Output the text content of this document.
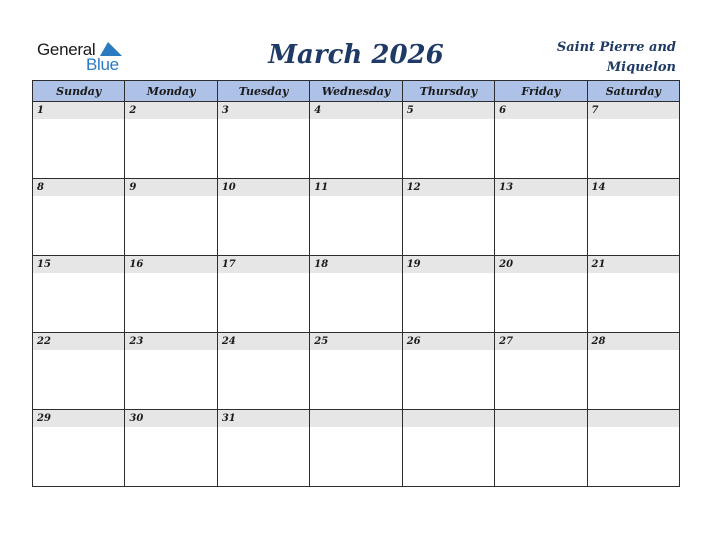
General
Blue	March 2026	Saint Pierre and
Miquelon
Sunday	Monday	Tuesday	Wednesday	Thursday	Friday	Saturday

1	2	3	4	5	6	7

8	9	10	11	12	13	14

15	16	17	18	19	20	21

22	23	24	25	26	27	28

29	30	31				
